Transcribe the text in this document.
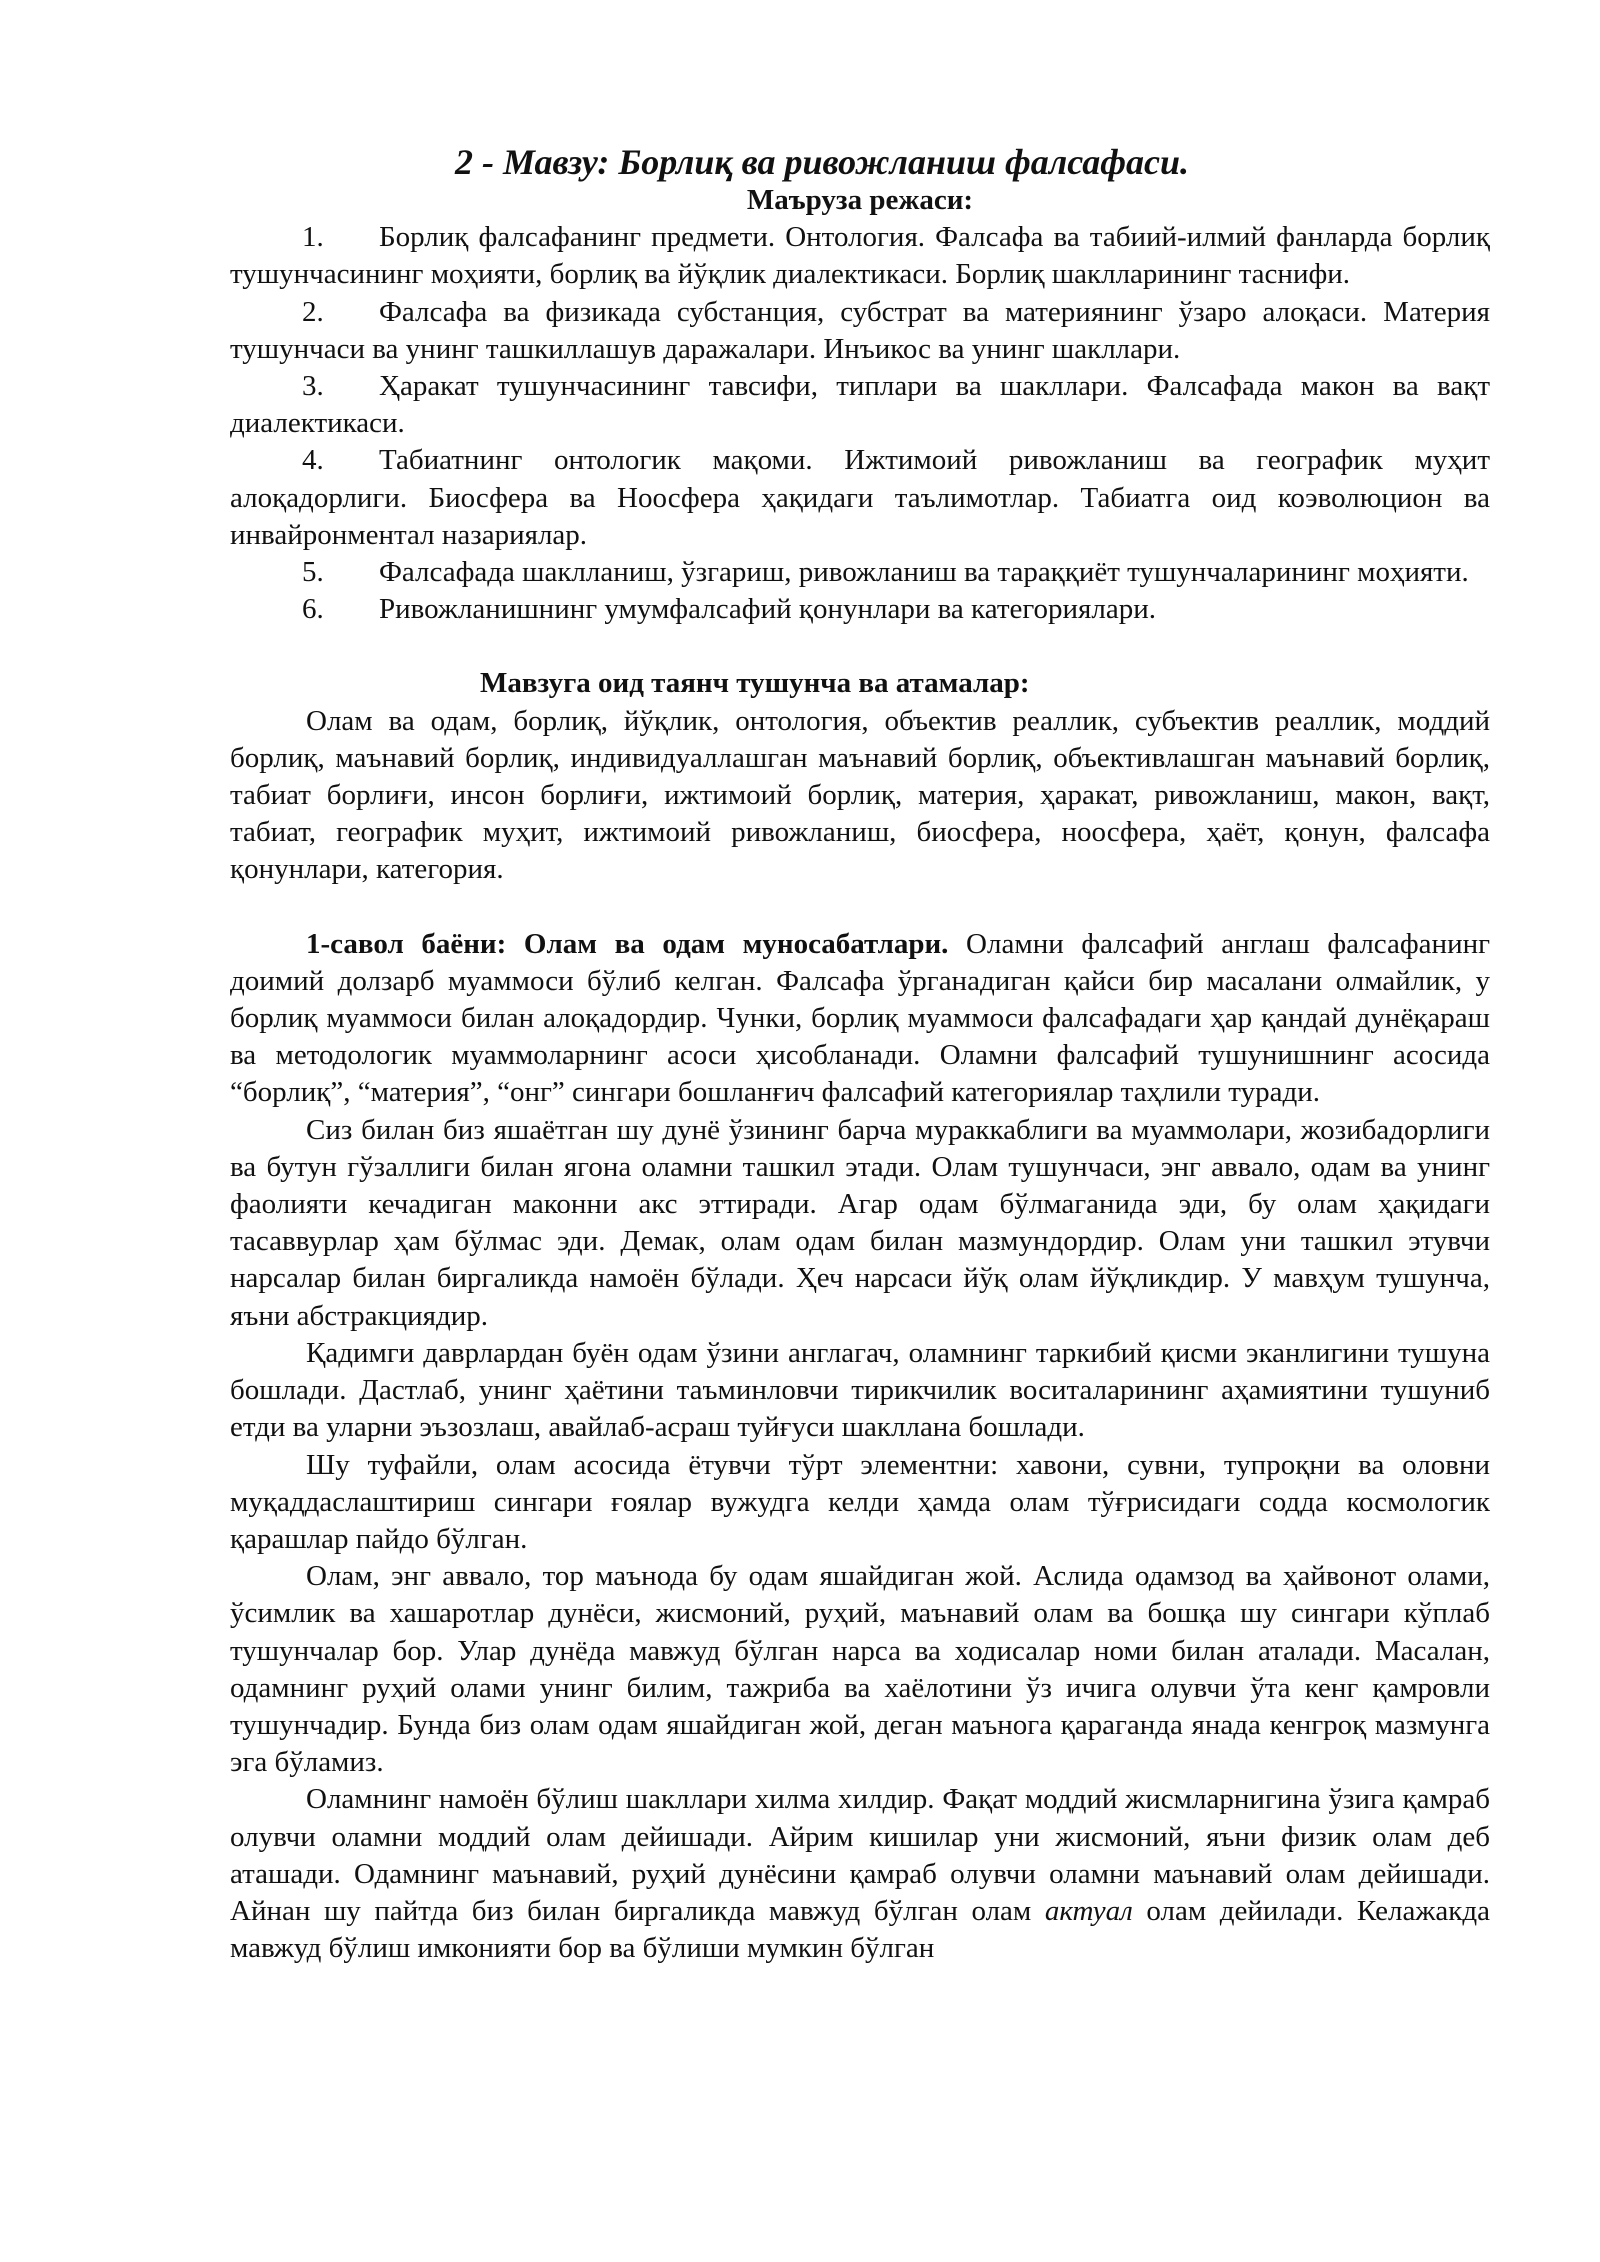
2 - Мавзу: Борлиқ ва ривожланиш фалсафаси.
Маъруза режаси:
1. Борлиқ фалсафанинг предмети. Онтология. Фалсафа ва табиий-илмий фанларда борлиқ тушунчасининг моҳияти, борлиқ ва йўқлик диалектикаси. Борлиқ шаклларининг таснифи.
2. Фалсафа ва физикада субстанция, субстрат ва материянинг ўзаро алоқаси. Материя тушунчаси ва унинг ташкиллашув даражалари. Инъикос ва унинг шакллари.
3. Ҳаракат тушунчасининг тавсифи, типлари ва шакллари. Фалсафада макон ва вақт диалектикаси.
4. Табиатнинг онтологик мақоми. Ижтимоий ривожланиш ва географик муҳит алоқадорлиги. Биосфера ва Ноосфера ҳақидаги таълимотлар. Табиатга оид коэволюцион ва инвайронментал назариялар.
5. Фалсафада шаклланиш, ўзгариш, ривожланиш ва тараққиёт тушунчаларининг моҳияти.
6. Ривожланишнинг умумфалсафий қонунлари ва категориялари.
Мавзуга оид таянч тушунча ва атамалар:

Олам ва одам, борлиқ, йўқлик, онтология, объектив реаллик, субъектив реаллик, моддий борлиқ, маънавий борлиқ, индивидуаллашган маънавий борлиқ, объективлашган маънавий борлиқ, табиат борлиғи, инсон борлиғи, ижтимоий борлиқ, материя, ҳаракат, ривожланиш, макон, вақт, табиат, географик муҳит, ижтимоий ривожланиш, биосфера, ноосфера, ҳаёт, қонун, фалсафа қонунлари, категория.

1-савол баёни: Олам ва одам муносабатлари. Оламни фалсафий англаш фалсафанинг доимий долзарб муаммоси бўлиб келган. Фалсафа ўрганадиган қайси бир масалани олмайлик, у борлиқ муаммоси билан алоқадордир. Чунки, борлиқ муаммоси фалсафадаги ҳар қандай дунёқараш ва методологик муаммоларнинг асоси ҳисобланади. Оламни фалсафий тушунишнинг асосида “борлиқ”, “материя”, “онг” сингари бошланғич фалсафий категориялар таҳлили туради.

Сиз билан биз яшаётган шу дунё ўзининг барча мураккаблиги ва муаммолари, жозибадорлиги ва бутун гўзаллиги билан ягона оламни ташкил этади. Олам тушунчаси, энг аввало, одам ва унинг фаолияти кечадиган маконни акс эттиради. Агар одам бўлмаганида эди, бу олам ҳақидаги тасаввурлар ҳам бўлмас эди. Демак, олам одам билан мазмундордир. Олам уни ташкил этувчи нарсалар билан биргаликда намоён бўлади. Ҳеч нарсаси йўқ олам йўқликдир. У мавҳум тушунча, яъни абстракциядир.

Қадимги даврлардан буён одам ўзини англагач, оламнинг таркибий қисми эканлигини тушуна бошлади. Дастлаб, унинг ҳаётини таъминловчи тирикчилик воситаларининг аҳамиятини тушуниб етди ва уларни эъзозлаш, авайлаб-асраш туйғуси шакллана бошлади.

Шу туфайли, олам асосида ётувчи тўрт элементни: хавони, сувни, тупроқни ва оловни муқаддаслаштириш сингари ғоялар вужудга келди ҳамда олам тўғрисидаги содда космологик қарашлар пайдо бўлган.

Олам, энг аввало, тор маънода бу одам яшайдиган жой. Аслида одамзод ва ҳайвонот олами, ўсимлик ва хашаротлар дунёси, жисмоний, руҳий, маънавий олам ва бошқа шу сингари кўплаб тушунчалар бор. Улар дунёда мавжуд бўлган нарса ва ходисалар номи билан аталади. Масалан, одамнинг руҳий олами унинг билим, тажриба ва хаёлотини ўз ичига олувчи ўта кенг қамровли тушунчадир. Бунда биз олам одам яшайдиган жой, деган маънога қараганда янада кенгроқ мазмунга эга бўламиз.

Оламнинг намоён бўлиш шакллари хилма хилдир. Фақат моддий жисмларнигина ўзига қамраб олувчи оламни моддий олам дейишади. Айрим кишилар уни жисмоний, яъни физик олам деб аташади. Одамнинг маънавий, руҳий дунёсини қамраб олувчи оламни маънавий олам дейишади. Айнан шу пайтда биз билан биргаликда мавжуд бўлган олам актуал олам дейилади. Келажакда мавжуд бўлиш имконияти бор ва бўлиши мумкин бўлган
